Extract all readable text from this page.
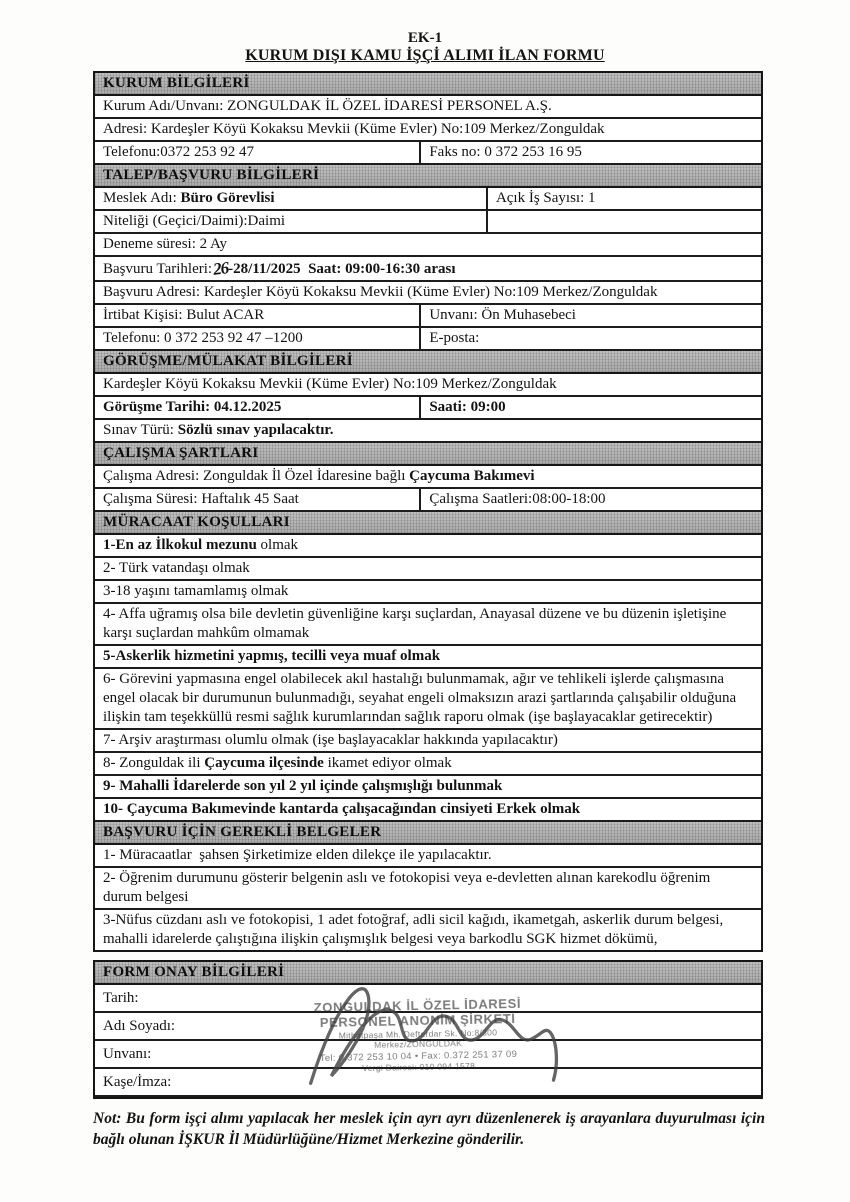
EK-1
KURUM DIŞI KAMU İŞÇİ ALIMI İLAN FORMU
KURUM BİLGİLERİ
Kurum Adı/Unvanı: ZONGULDAK İL ÖZEL İDARESİ PERSONEL A.Ş.
Adresi: Kardeşler Köyü Kokaksu Mevkii (Küme Evler) No:109 Merkez/Zonguldak
Telefonu:0372 253 92 47	Faks no: 0 372 253 16 95
TALEP/BAŞVURU BİLGİLERİ
Meslek Adı: Büro Görevlisi	Açık İş Sayısı: 1
Niteliği (Geçici/Daimi):Daimi
Deneme süresi: 2 Ay
Başvuru Tarihleri:26-28/11/2025  Saat: 09:00-16:30 arası
Başvuru Adresi: Kardeşler Köyü Kokaksu Mevkii (Küme Evler) No:109 Merkez/Zonguldak
İrtibat Kişisi: Bulut ACAR	Unvanı: Ön Muhasebeci
Telefonu: 0 372 253 92 47 –1200	E-posta:
GÖRÜŞME/MÜLAKAT BİLGİLERİ
Kardeşler Köyü Kokaksu Mevkii (Küme Evler) No:109 Merkez/Zonguldak
Görüşme Tarihi: 04.12.2025	Saati: 09:00
Sınav Türü: Sözlü sınav yapılacaktır.
ÇALIŞMA ŞARTLARI
Çalışma Adresi: Zonguldak İl Özel İdaresine bağlı Çaycuma Bakımevi
Çalışma Süresi: Haftalık 45 Saat	Çalışma Saatleri:08:00-18:00
MÜRACAAT KOŞULLARI
1-En az İlkokul mezunu olmak
2- Türk vatandaşı olmak
3-18 yaşını tamamlamış olmak
4- Affa uğramış olsa bile devletin güvenliğine karşı suçlardan, Anayasal düzene ve bu düzenin işletişine karşı suçlardan mahkûm olmamak
5-Askerlik hizmetini yapmış, tecilli veya muaf olmak
6- Görevini yapmasına engel olabilecek akıl hastalığı bulunmamak, ağır ve tehlikeli işlerde çalışmasına engel olacak bir durumunun bulunmadığı, seyahat engeli olmaksızın arazi şartlarında çalışabilir olduğuna ilişkin tam teşekküllü resmi sağlık kurumlarından sağlık raporu olmak (işe başlayacaklar getirecektir)
7- Arşiv araştırması olumlu olmak (işe başlayacaklar hakkında yapılacaktır)
8- Zonguldak ili Çaycuma ilçesinde ikamet ediyor olmak
9- Mahalli İdarelerde son yıl 2 yıl içinde çalışmışlığı bulunmak
10- Çaycuma Bakımevinde kantarda çalışacağından cinsiyeti Erkek olmak
BAŞVURU İÇİN GEREKLİ BELGELER
1- Müracaatlar  şahsen Şirketimize elden dilekçe ile yapılacaktır.
2- Öğrenim durumunu gösterir belgenin aslı ve fotokopisi veya e-devletten alınan karekodlu öğrenim durum belgesi
3-Nüfus cüzdanı aslı ve fotokopisi, 1 adet fotoğraf, adli sicil kağıdı, ikametgah, askerlik durum belgesi, mahalli idarelerde çalıştığına ilişkin çalışmışlık belgesi veya barkodlu SGK hizmet dökümü,
FORM ONAY BİLGİLERİ
Tarih:
Adı Soyadı:
Unvanı:
Kaşe/İmza:
ZONGULDAK İL ÖZEL İDARESİ
PERSONEL ANONİM ŞİRKETİ
Mithatpaşa Mh. Defterdar Sk. No:8/300
Merkez/ZONGULDAK
Tel: 0.372 253 10 04 • Fax: 0.372 251 37 09
Vergi Dairesi: 010 094 1578
Not: Bu form işçi alımı yapılacak her meslek için ayrı ayrı düzenlenerek iş arayanlara duyurulması için bağlı olunan İŞKUR İl Müdürlüğüne/Hizmet Merkezine gönderilir.
